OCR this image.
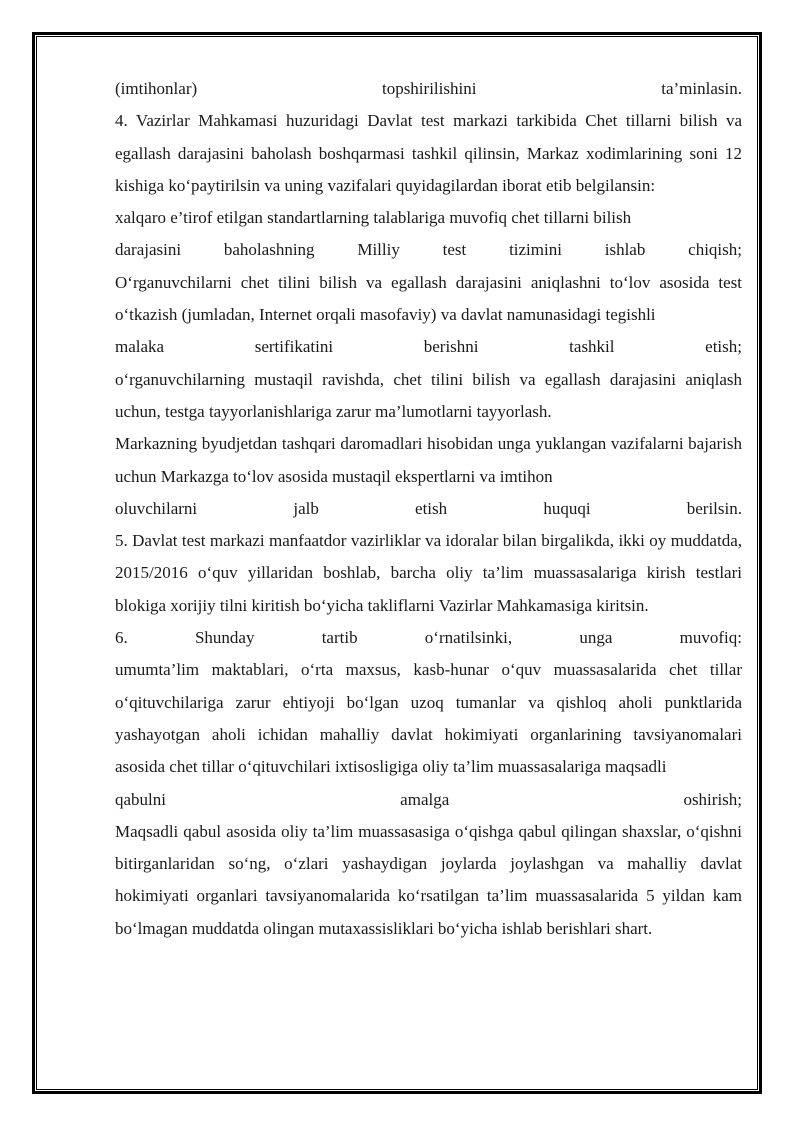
(imtihonlar)	topshirilishini	ta’minlasin.

4. Vazirlar Mahkamasi huzuridagi Davlat test markazi tarkibida Chet tillarni bilish va egallash darajasini baholash boshqarmasi tashkil qilinsin, Markaz xodimlarining soni 12 kishiga ko‘paytirilsin va uning vazifalari quyidagilardan iborat etib belgilansin:

xalqaro e’tirof etilgan standartlarning talablariga muvofiq chet tillarni bilish

darajasini	baholashning	Milliy	test	tizimini	ishlab	chiqish;

O‘rganuvchilarni chet tilini bilish va egallash darajasini aniqlashni to‘lov asosida test o‘tkazish (jumladan, Internet orqali masofaviy) va davlat namunasidagi tegishli

malaka	sertifikatini	berishni	tashkil	etish;

o‘rganuvchilarning mustaqil ravishda, chet tilini bilish va egallash darajasini aniqlash uchun, testga tayyorlanishlariga zarur ma’lumotlarni tayyorlash.

Markazning byudjetdan tashqari daromadlari hisobidan unga yuklangan vazifalarni bajarish uchun Markazga to‘lov asosida mustaqil ekspertlarni va imtihon

oluvchilarni	jalb	etish	huquqi	berilsin.

5. Davlat test markazi manfaatdor vazirliklar va idoralar bilan birgalikda, ikki oy muddatda, 2015/2016 o‘quv yillaridan boshlab, barcha oliy ta’lim muassasalariga kirish testlari blokiga xorijiy tilni kiritish bo‘yicha takliflarni Vazirlar Mahkamasiga kiritsin.

6.	Shunday	tartib	o‘rnatilsinki,	unga	muvofiq:

umumta’lim maktablari, o‘rta maxsus, kasb-hunar o‘quv muassasalarida chet tillar o‘qituvchilariga zarur ehtiyoji bo‘lgan uzoq tumanlar va qishloq aholi punktlarida yashayotgan aholi ichidan mahalliy davlat hokimiyati organlarining tavsiyanomalari asosida chet tillar o‘qituvchilari ixtisosligiga oliy ta’lim muassasalariga maqsadli

qabulni	amalga	oshirish;

Maqsadli qabul asosida oliy ta’lim muassasasiga o‘qishga qabul qilingan shaxslar, o‘qishni bitirganlaridan so‘ng, o‘zlari yashaydigan joylarda joylashgan va mahalliy davlat hokimiyati organlari tavsiyanomalarida ko‘rsatilgan ta’lim muassasalarida 5 yildan kam bo‘lmagan muddatda olingan mutaxassisliklari bo‘yicha ishlab berishlari shart.
